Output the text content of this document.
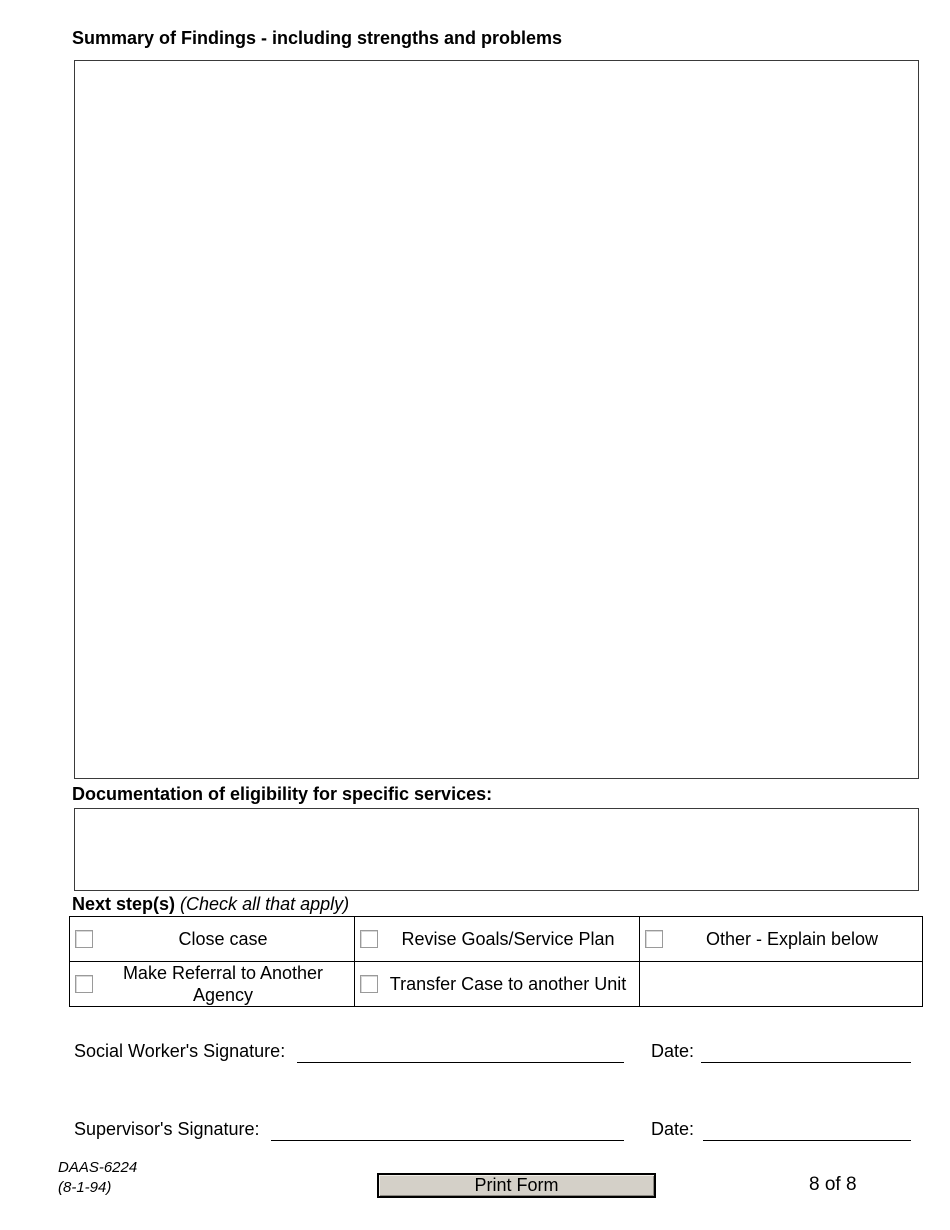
Summary of Findings - including strengths and problems
Documentation of eligibility for specific services:
Next step(s) (Check all that apply)
Close case	Revise Goals/Service Plan	Other - Explain below

Make Referral to Another Agency	Transfer Case to another Unit	

Social Worker's Signature:	Date:
Supervisor's Signature:	Date:
DAAS-6224
(8-1-94)	Print Form	8 of 8
